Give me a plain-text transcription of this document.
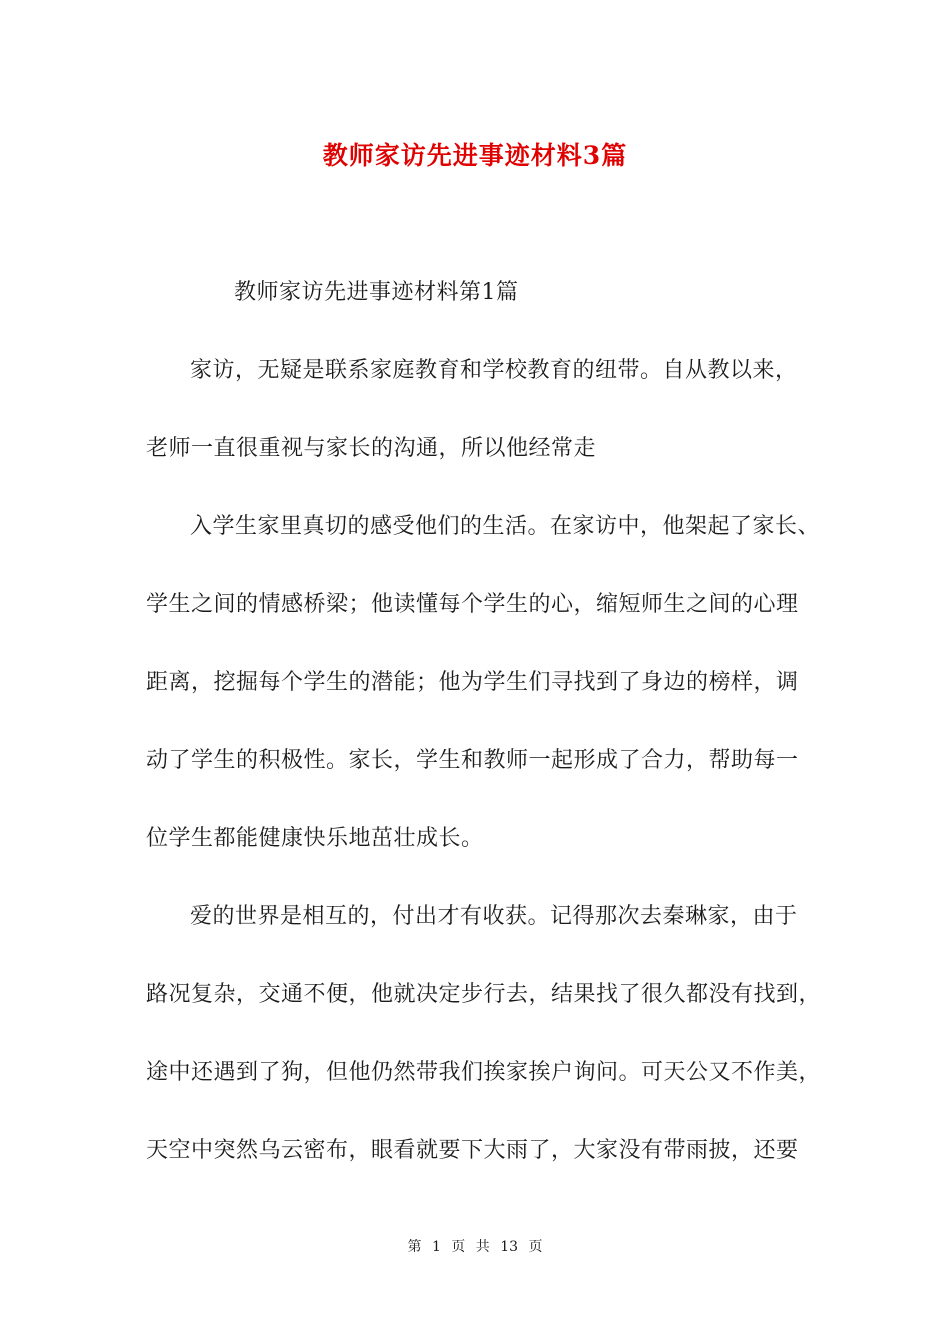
教师家访先进事迹材料3篇
教师家访先进事迹材料第1篇
家访，无疑是联系家庭教育和学校教育的纽带。自从教以来，
老师一直很重视与家长的沟通，所以他经常走
入学生家里真切的感受他们的生活。在家访中，他架起了家长、
学生之间的情感桥梁；他读懂每个学生的心，缩短师生之间的心理
距离，挖掘每个学生的潜能；他为学生们寻找到了身边的榜样，调
动了学生的积极性。家长，学生和教师一起形成了合力，帮助每一
位学生都能健康快乐地茁壮成长。
爱的世界是相互的，付出才有收获。记得那次去秦琳家，由于
路况复杂，交通不便，他就决定步行去，结果找了很久都没有找到，
途中还遇到了狗，但他仍然带我们挨家挨户询问。可天公又不作美，
天空中突然乌云密布，眼看就要下大雨了，大家没有带雨披，还要
第 1 页 共 13 页
